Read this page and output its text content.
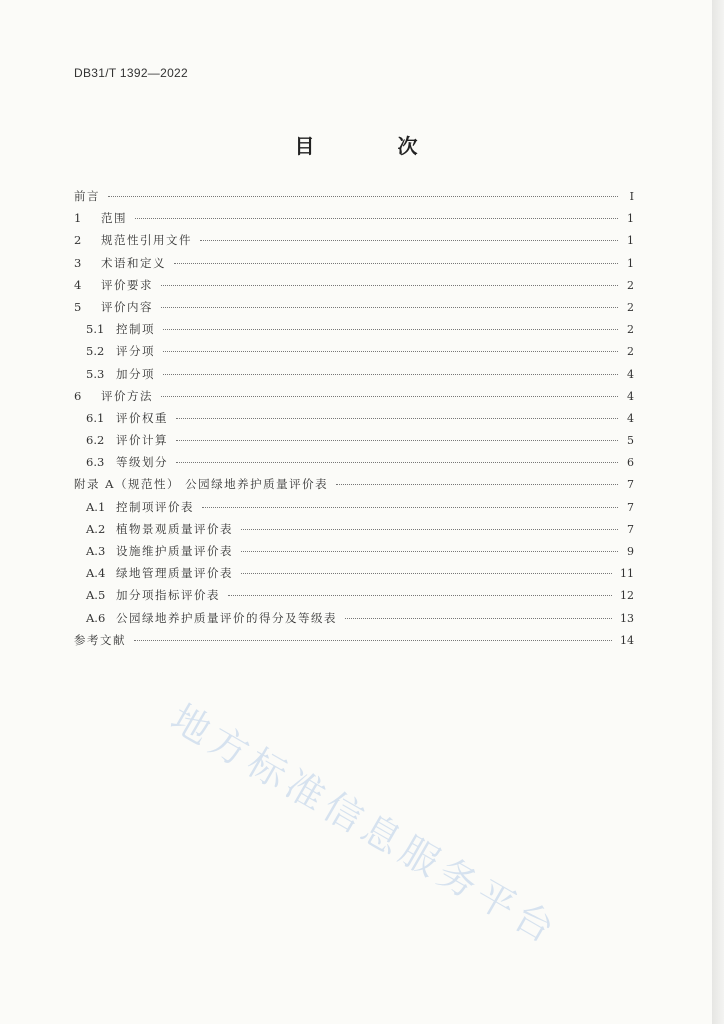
DB31/T 1392—2022
目 次
前言	I
1	范围	1
2	规范性引用文件	1
3	术语和定义	1
4	评价要求	2
5	评价内容	2
5.1	控制项	2
5.2	评分项	2
5.3	加分项	4
6	评价方法	4
6.1	评价权重	4
6.2	评价计算	5
6.3	等级划分	6
附录 A（规范性） 公园绿地养护质量评价表	7
A.1 控制项评价表	7
A.2 植物景观质量评价表	7
A.3 设施维护质量评价表	9
A.4 绿地管理质量评价表	11
A.5 加分项指标评价表	12
A.6 公园绿地养护质量评价的得分及等级表	13
参考文献	14
地方标准信息服务平台
